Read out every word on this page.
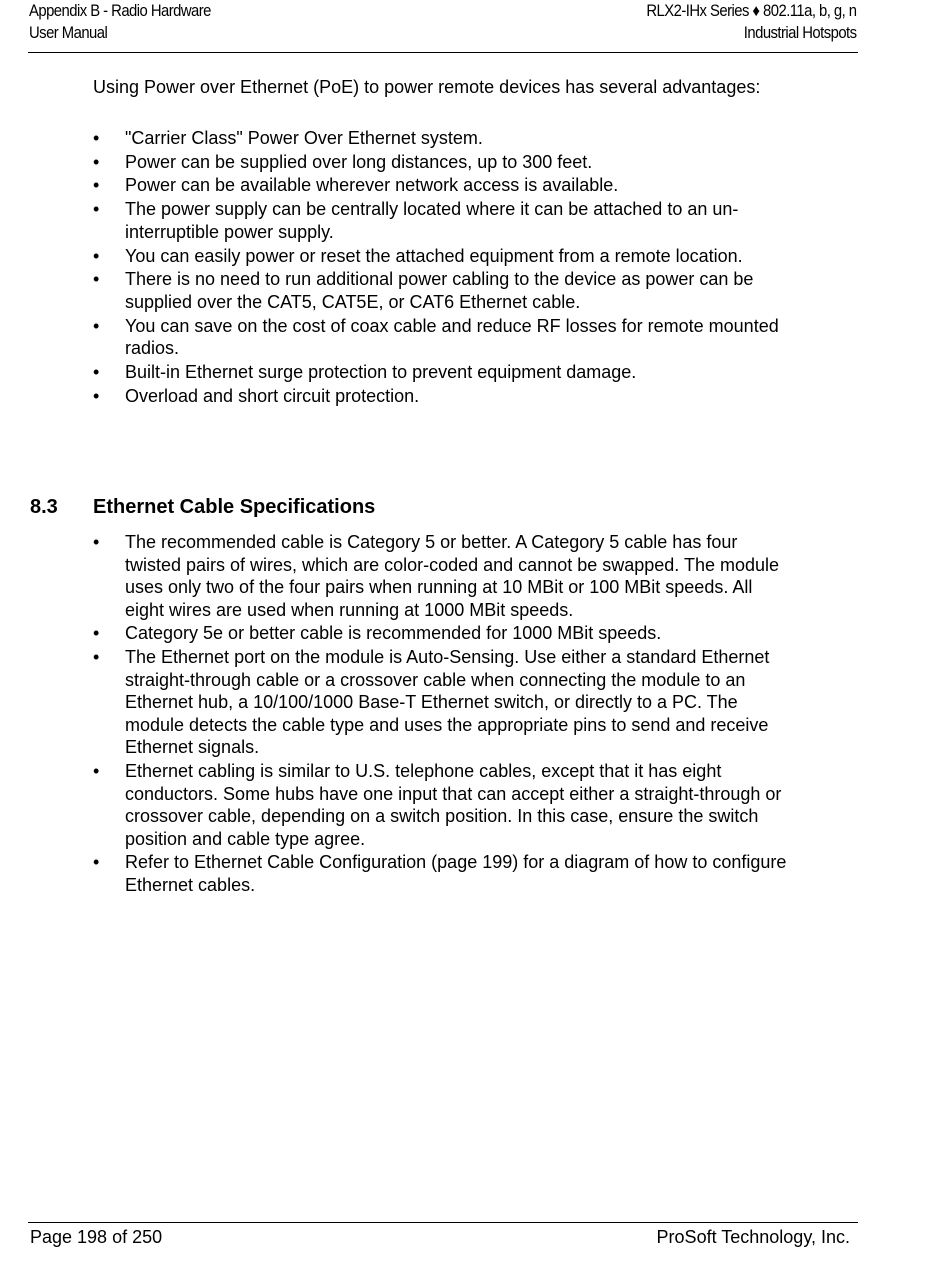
Appendix B - Radio Hardware
User Manual
RLX2-IHx Series ♦ 802.11a, b, g, n
Industrial Hotspots

Using Power over Ethernet (PoE) to power remote devices has several advantages:

•	"Carrier Class" Power Over Ethernet system.
•	Power can be supplied over long distances, up to 300 feet.
•	Power can be available wherever network access is available.
•	The power supply can be centrally located where it can be attached to an un-interruptible power supply.
•	You can easily power or reset the attached equipment from a remote location.
•	There is no need to run additional power cabling to the device as power can be supplied over the CAT5, CAT5E, or CAT6 Ethernet cable.
•	You can save on the cost of coax cable and reduce RF losses for remote mounted radios.
•	Built-in Ethernet surge protection to prevent equipment damage.
•	Overload and short circuit protection.
8.3 Ethernet Cable Specifications
•	The recommended cable is Category 5 or better. A Category 5 cable has four twisted pairs of wires, which are color-coded and cannot be swapped. The module uses only two of the four pairs when running at 10 MBit or 100 MBit speeds. All eight wires are used when running at 1000 MBit speeds.
•	Category 5e or better cable is recommended for 1000 MBit speeds.
•	The Ethernet port on the module is Auto-Sensing. Use either a standard Ethernet straight-through cable or a crossover cable when connecting the module to an Ethernet hub, a 10/100/1000 Base-T Ethernet switch, or directly to a PC. The module detects the cable type and uses the appropriate pins to send and receive Ethernet signals.
•	Ethernet cabling is similar to U.S. telephone cables, except that it has eight conductors. Some hubs have one input that can accept either a straight-through or crossover cable, depending on a switch position. In this case, ensure the switch position and cable type agree.
•	Refer to Ethernet Cable Configuration (page 199) for a diagram of how to configure Ethernet cables.
Page 198 of 250	ProSoft Technology, Inc.
